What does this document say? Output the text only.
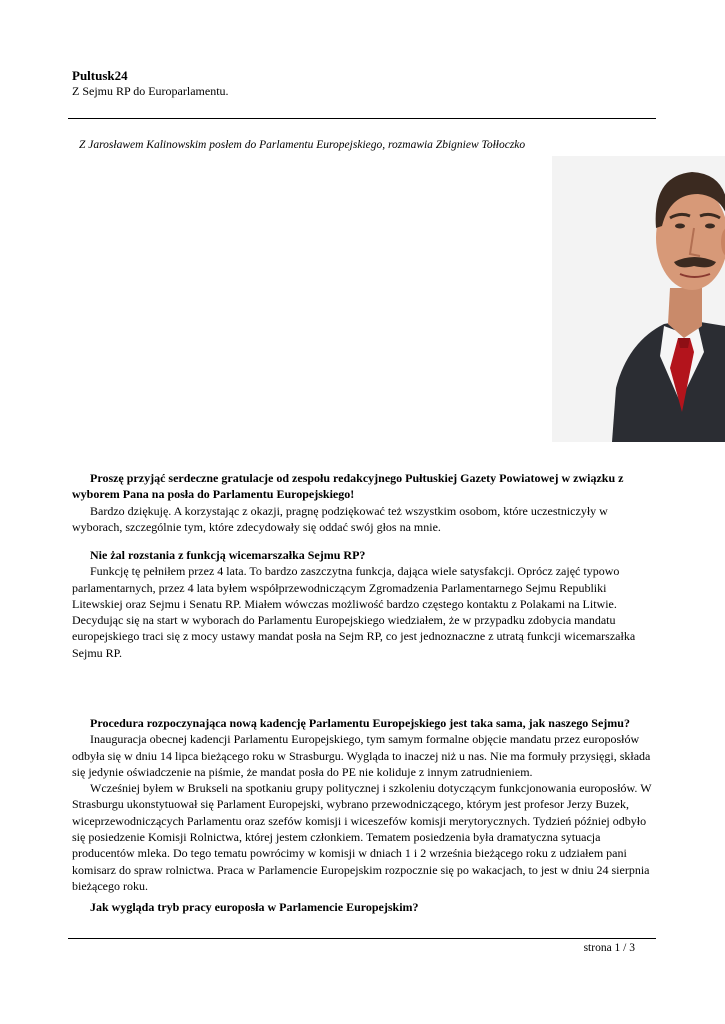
Pultusk24
Z Sejmu RP do Europarlamentu.
Z Jarosławem Kalinowskim posłem do Parlamentu Europejskiego, rozmawia Zbigniew Tołłoczko

Proszę przyjąć serdeczne gratulacje od zespołu redakcyjnego Pułtuskiej Gazety Powiatowej w związku z wyborem Pana na posła do Parlamentu Europejskiego!

Bardzo dziękuję. A korzystając z okazji, pragnę podziękować też wszystkim osobom, które uczestniczyły w wyborach, szczególnie tym, które zdecydowały się oddać swój głos na mnie.

Nie żal rozstania z funkcją wicemarszałka Sejmu RP?

Funkcję tę pełniłem przez 4 lata. To bardzo zaszczytna funkcja, dająca wiele satysfakcji. Oprócz zajęć typowo parlamentarnych, przez 4 lata byłem współprzewodniczącym Zgromadzenia Parlamentarnego Sejmu Republiki Litewskiej oraz Sejmu i Senatu RP. Miałem wówczas możliwość bardzo częstego kontaktu z Polakami na Litwie. Decydując się na start w wyborach do Parlamentu Europejskiego wiedziałem, że w przypadku zdobycia mandatu europejskiego traci się z mocy ustawy mandat posła na Sejm RP, co jest jednoznaczne z utratą funkcji wicemarszałka Sejmu RP.

Procedura rozpoczynająca nową kadencję Parlamentu Europejskiego jest taka sama, jak naszego Sejmu?

Inauguracja obecnej kadencji Parlamentu Europejskiego, tym samym formalne objęcie mandatu przez europosłów odbyła się w dniu 14 lipca bieżącego roku w Strasburgu. Wygląda to inaczej niż u nas. Nie ma formuły przysięgi, składa się jedynie oświadczenie na piśmie, że mandat posła do PE nie koliduje z innym zatrudnieniem.

Wcześniej byłem w Brukseli na spotkaniu grupy politycznej i szkoleniu dotyczącym funkcjonowania europosłów. W Strasburgu ukonstytuował się Parlament Europejski, wybrano przewodniczącego, którym jest profesor Jerzy Buzek, wiceprzewodniczących Parlamentu oraz szefów komisji i wiceszefów komisji merytorycznych. Tydzień później odbyło się posiedzenie Komisji Rolnictwa, której jestem członkiem. Tematem posiedzenia była dramatyczna sytuacja producentów mleka. Do tego tematu powrócimy w komisji w dniach 1 i 2 września bieżącego roku z udziałem pani komisarz do spraw rolnictwa. Praca w Parlamencie Europejskim rozpocznie się po wakacjach, to jest w dniu 24 sierpnia bieżącego roku.

Jak wygląda tryb pracy europosła w Parlamencie Europejskim?

strona 1 / 3
